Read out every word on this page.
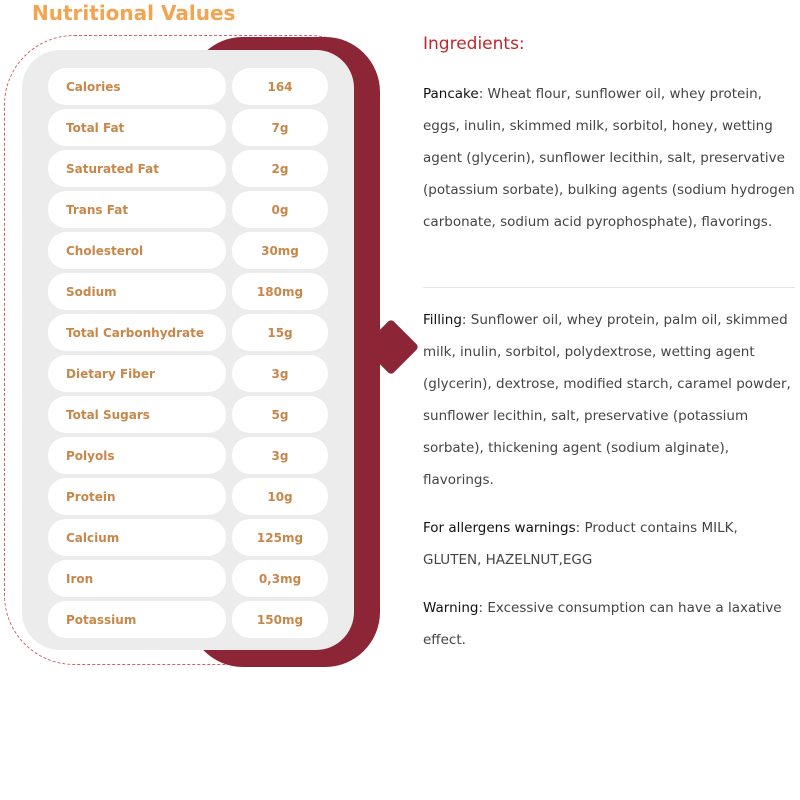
Nutritional Values
Calories	164
Total Fat	7g
Saturated Fat	2g
Trans Fat	0g
Cholesterol	30mg
Sodium	180mg
Total Carbonhydrate	15g
Dietary Fiber	3g
Total Sugars	5g
Polyols	3g
Protein	10g
Calcium	125mg
Iron	0,3mg
Potassium	150mg
Ingredients:

Pancake: Wheat flour, sunflower oil, whey protein, eggs, inulin, skimmed milk, sorbitol, honey, wetting agent (glycerin), sunflower lecithin, salt, preservative (potassium sorbate), bulking agents (sodium hydrogen carbonate, sodium acid pyrophosphate), flavorings.

Filling: Sunflower oil, whey protein, palm oil, skimmed milk, inulin, sorbitol, polydextrose, wetting agent (glycerin), dextrose, modified starch, caramel powder, sunflower lecithin, salt, preservative (potassium sorbate), thickening agent (sodium alginate), flavorings.

For allergens warnings: Product contains MILK, GLUTEN, HAZELNUT,EGG

Warning: Excessive consumption can have a laxative effect.
